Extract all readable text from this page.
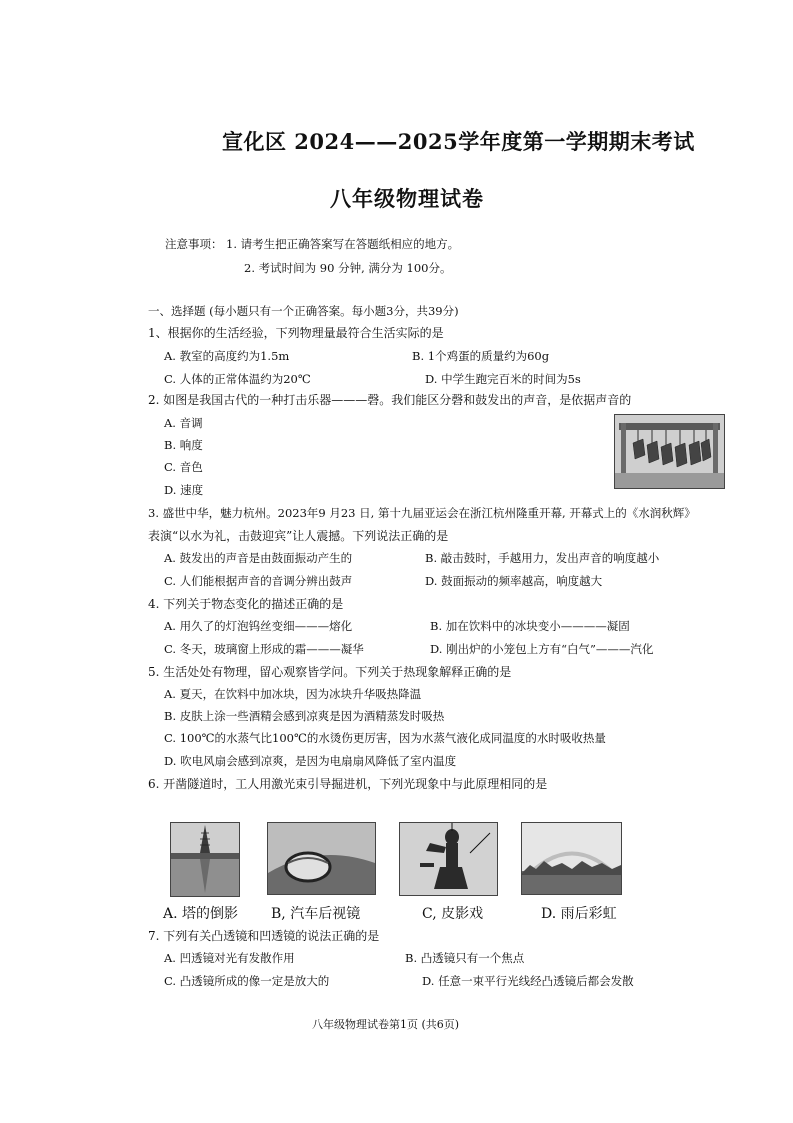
宣化区 2024——2025学年度第一学期期末考试
八年级物理试卷
注意事项： 1. 请考生把正确答案写在答题纸相应的地方。
2. 考试时间为 90 分钟, 满分为 100分。
一、选择题 (每小题只有一个正确答案。每小题3分，共39分)
1、根据你的生活经验，下列物理量最符合生活实际的是
A. 教室的高度约为1.5m	B. 1个鸡蛋的质量约为60g
C. 人体的正常体温约为20℃	D. 中学生跑完百米的时间为5s
2. 如图是我国古代的一种打击乐器———磬。我们能区分磬和鼓发出的声音，是依据声音的
A. 音调
B. 响度
C. 音色
D. 速度
3. 盛世中华，魅力杭州。2023年9 月23 日, 第十九届亚运会在浙江杭州隆重开幕, 开幕式上的《水润秋辉》
表演“以水为礼，击鼓迎宾”让人震撼。下列说法正确的是
A. 鼓发出的声音是由鼓面振动产生的	B. 敲击鼓时，手越用力，发出声音的响度越小
C. 人们能根据声音的音调分辨出鼓声	D. 鼓面振动的频率越高，响度越大
4. 下列关于物态变化的描述正确的是
A. 用久了的灯泡钨丝变细———熔化	B. 加在饮料中的冰块变小————凝固
C. 冬天，玻璃窗上形成的霜———凝华	D. 刚出炉的小笼包上方有“白气”———汽化
5. 生活处处有物理，留心观察皆学问。下列关于热现象解释正确的是
A. 夏天，在饮料中加冰块，因为冰块升华吸热降温
B. 皮肤上涂一些酒精会感到凉爽是因为酒精蒸发时吸热
C. 100℃的水蒸气比100℃的水烫伤更厉害，因为水蒸气液化成同温度的水时吸收热量
D. 吹电风扇会感到凉爽，是因为电扇扇风降低了室内温度
6. 开凿隧道时，工人用激光束引导掘进机，下列光现象中与此原理相同的是
A. 塔的倒影 B, 汽车后视镜	C, 皮影戏	D. 雨后彩虹
7. 下列有关凸透镜和凹透镜的说法正确的是
A. 凹透镜对光有发散作用	B. 凸透镜只有一个焦点
C. 凸透镜所成的像一定是放大的	D. 任意一束平行光线经凸透镜后都会发散
八年级物理试卷第1页 (共6页)
